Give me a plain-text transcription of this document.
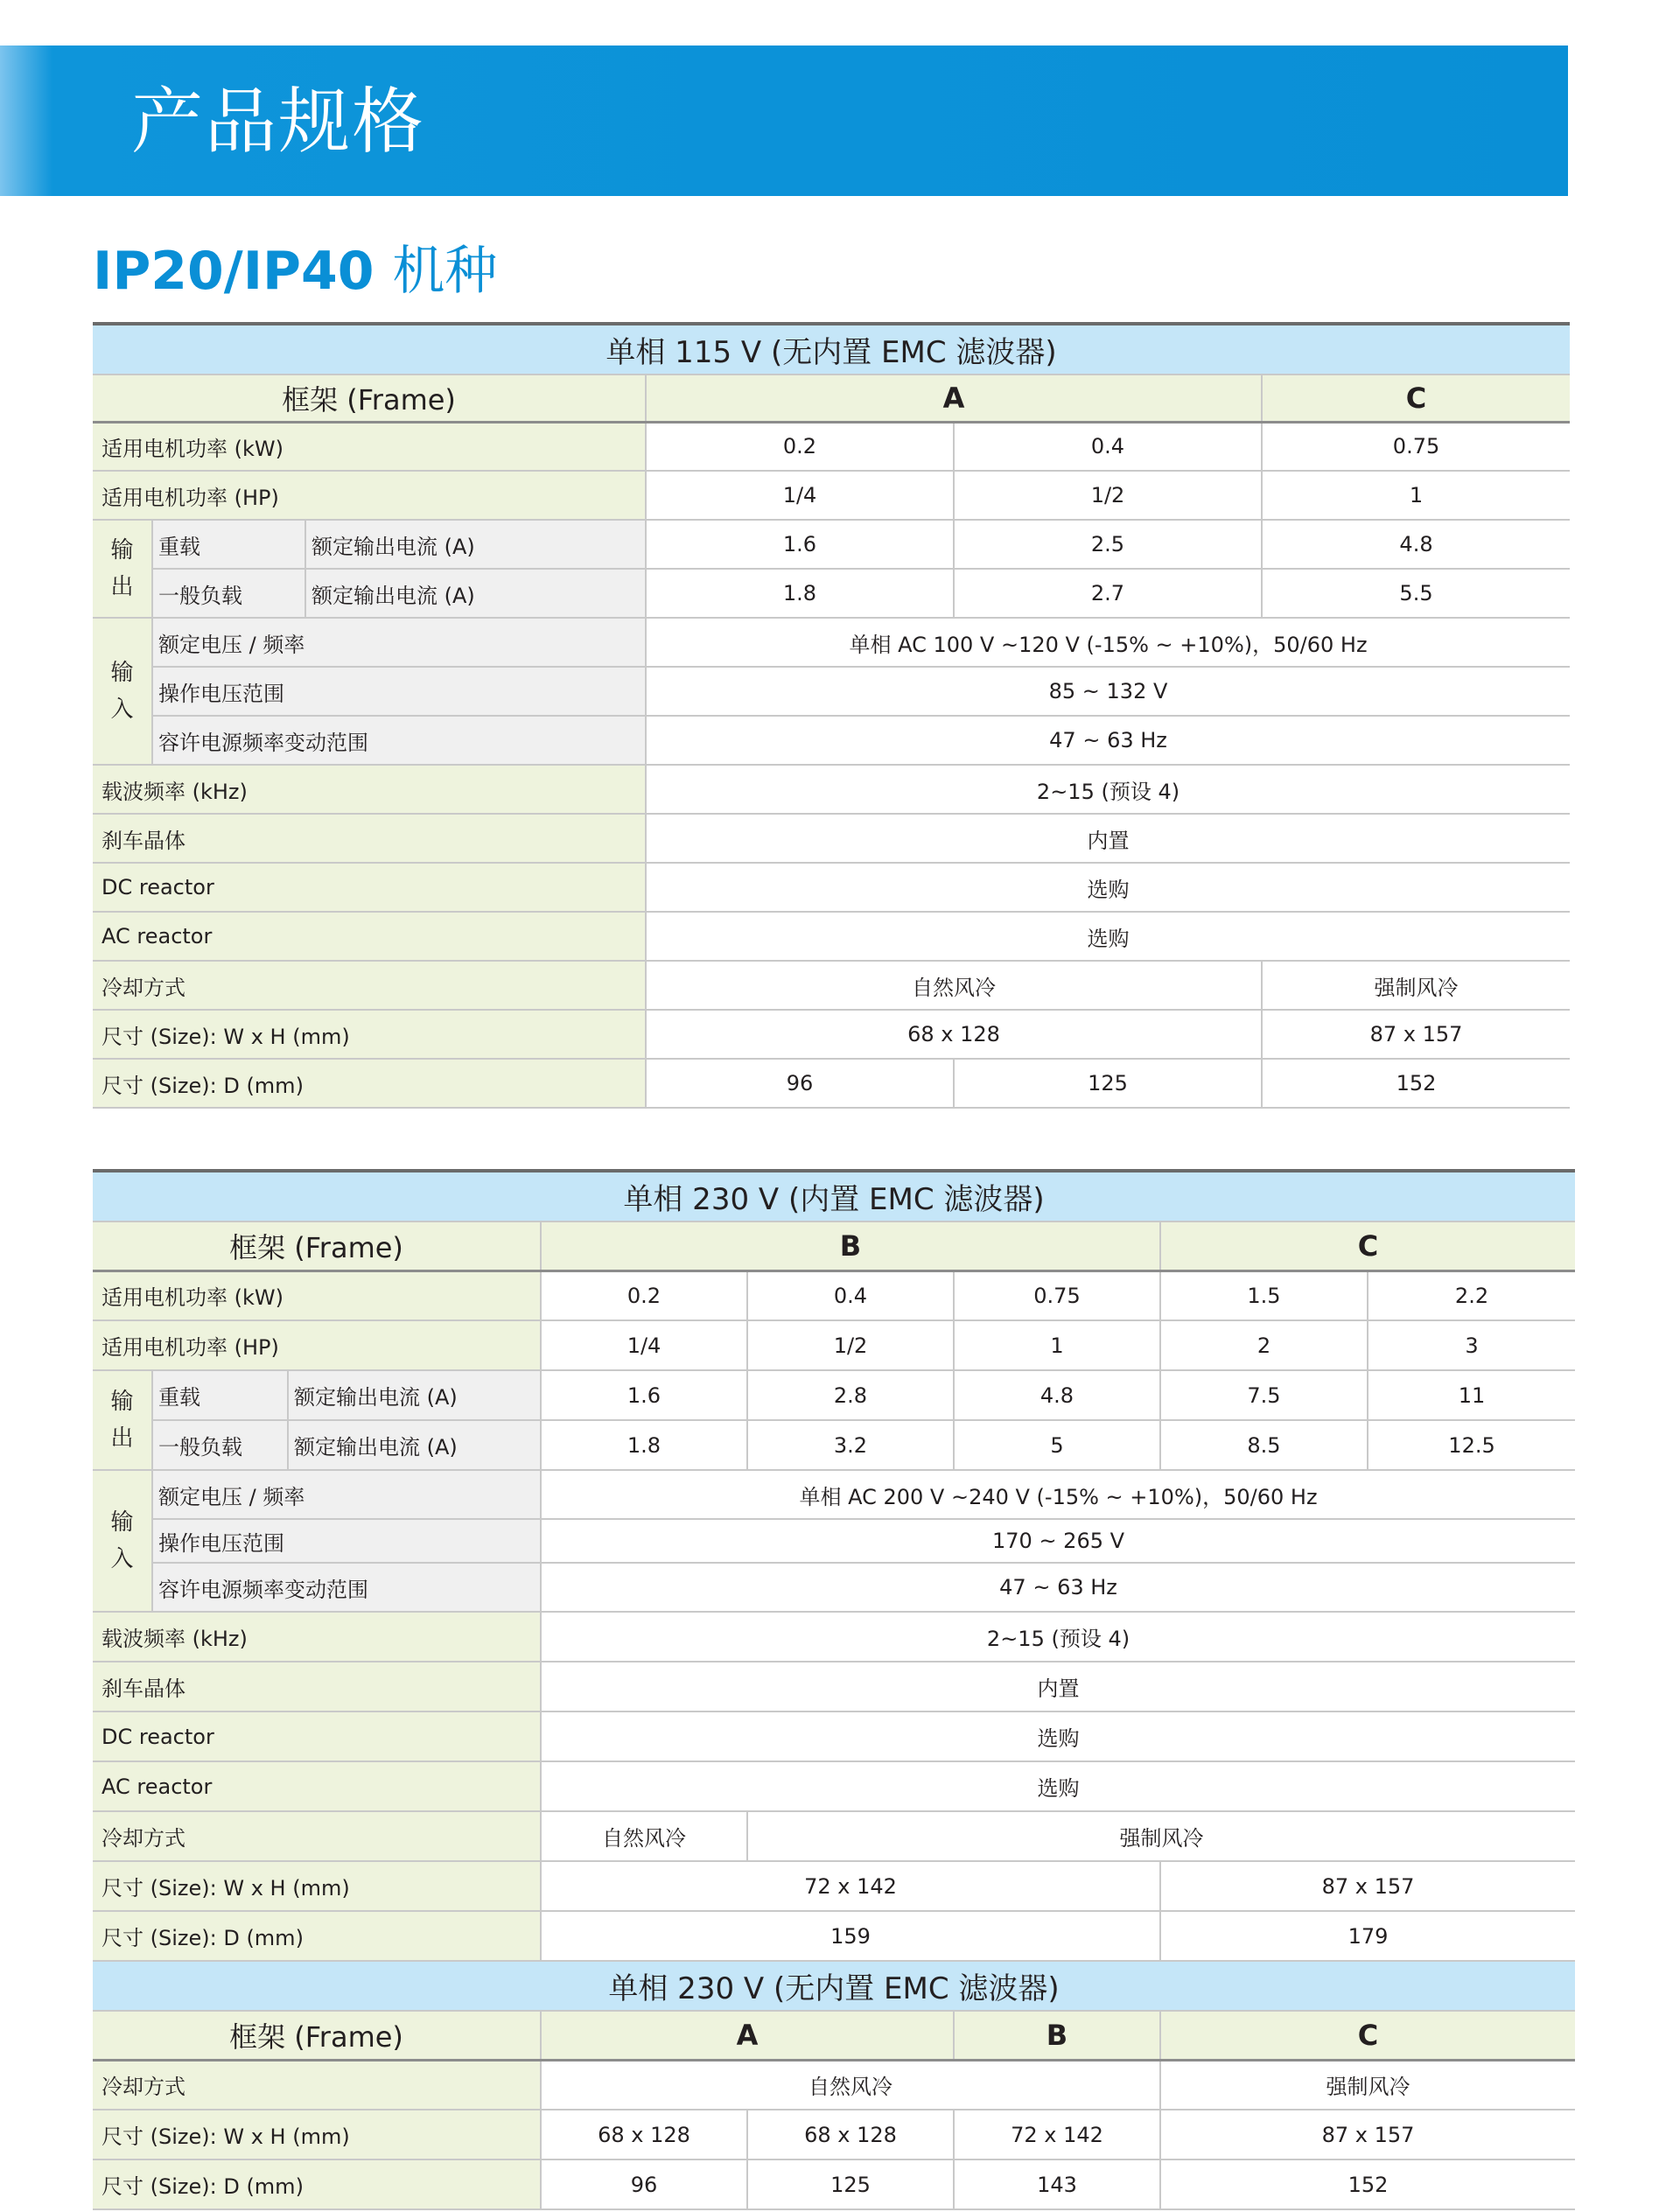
产品规格
IP20/IP40 机种
单相 115 V (无内置 EMC 滤波器)					
框架 (Frame)			A		C
适用电机功率 (kW)			0.2	0.4	0.75
适用电机功率 (HP)			1/4	1/2	1
输
出	重载	额定输出电流 (A)	1.6	2.5	4.8
	一般负载	额定输出电流 (A)	1.8	2.7	5.5
输
入	额定电压 / 频率		单相 AC 100 V ~120 V (-15% ~ +10%)，50/60 Hz		
	操作电压范围		85 ~ 132 V		
	容许电源频率变动范围		47 ~ 63 Hz		
载波频率 (kHz)			2~15 (预设 4)		
刹车晶体			内置		
DC reactor			选购		
AC reactor			选购		
冷却方式			自然风冷		强制风冷
尺寸 (Size): W x H (mm)			68 x 128		87 x 157
尺寸 (Size): D (mm)			96	125	152
单相 230 V (内置 EMC 滤波器)							
框架 (Frame)			B			C	
适用电机功率 (kW)			0.2	0.4	0.75	1.5	2.2
适用电机功率 (HP)			1/4	1/2	1	2	3
输
出	重载	额定输出电流 (A)	1.6	2.8	4.8	7.5	11
	一般负载	额定输出电流 (A)	1.8	3.2	5	8.5	12.5
输
入	额定电压 / 频率		单相 AC 200 V ~240 V (-15% ~ +10%)，50/60 Hz				
	操作电压范围		170 ~ 265 V				
	容许电源频率变动范围		47 ~ 63 Hz				
载波频率 (kHz)			2~15 (预设 4)				
刹车晶体			内置				
DC reactor			选购				
AC reactor			选购				
冷却方式			自然风冷	强制风冷			
尺寸 (Size): W x H (mm)			72 x 142			87 x 157	
尺寸 (Size): D (mm)			159			179	
单相 230 V (无内置 EMC 滤波器)							
框架 (Frame)			A		B	C	
冷却方式			自然风冷			强制风冷	
尺寸 (Size): W x H (mm)			68 x 128	68 x 128	72 x 142	87 x 157	
尺寸 (Size): D (mm)			96	125	143	152	
